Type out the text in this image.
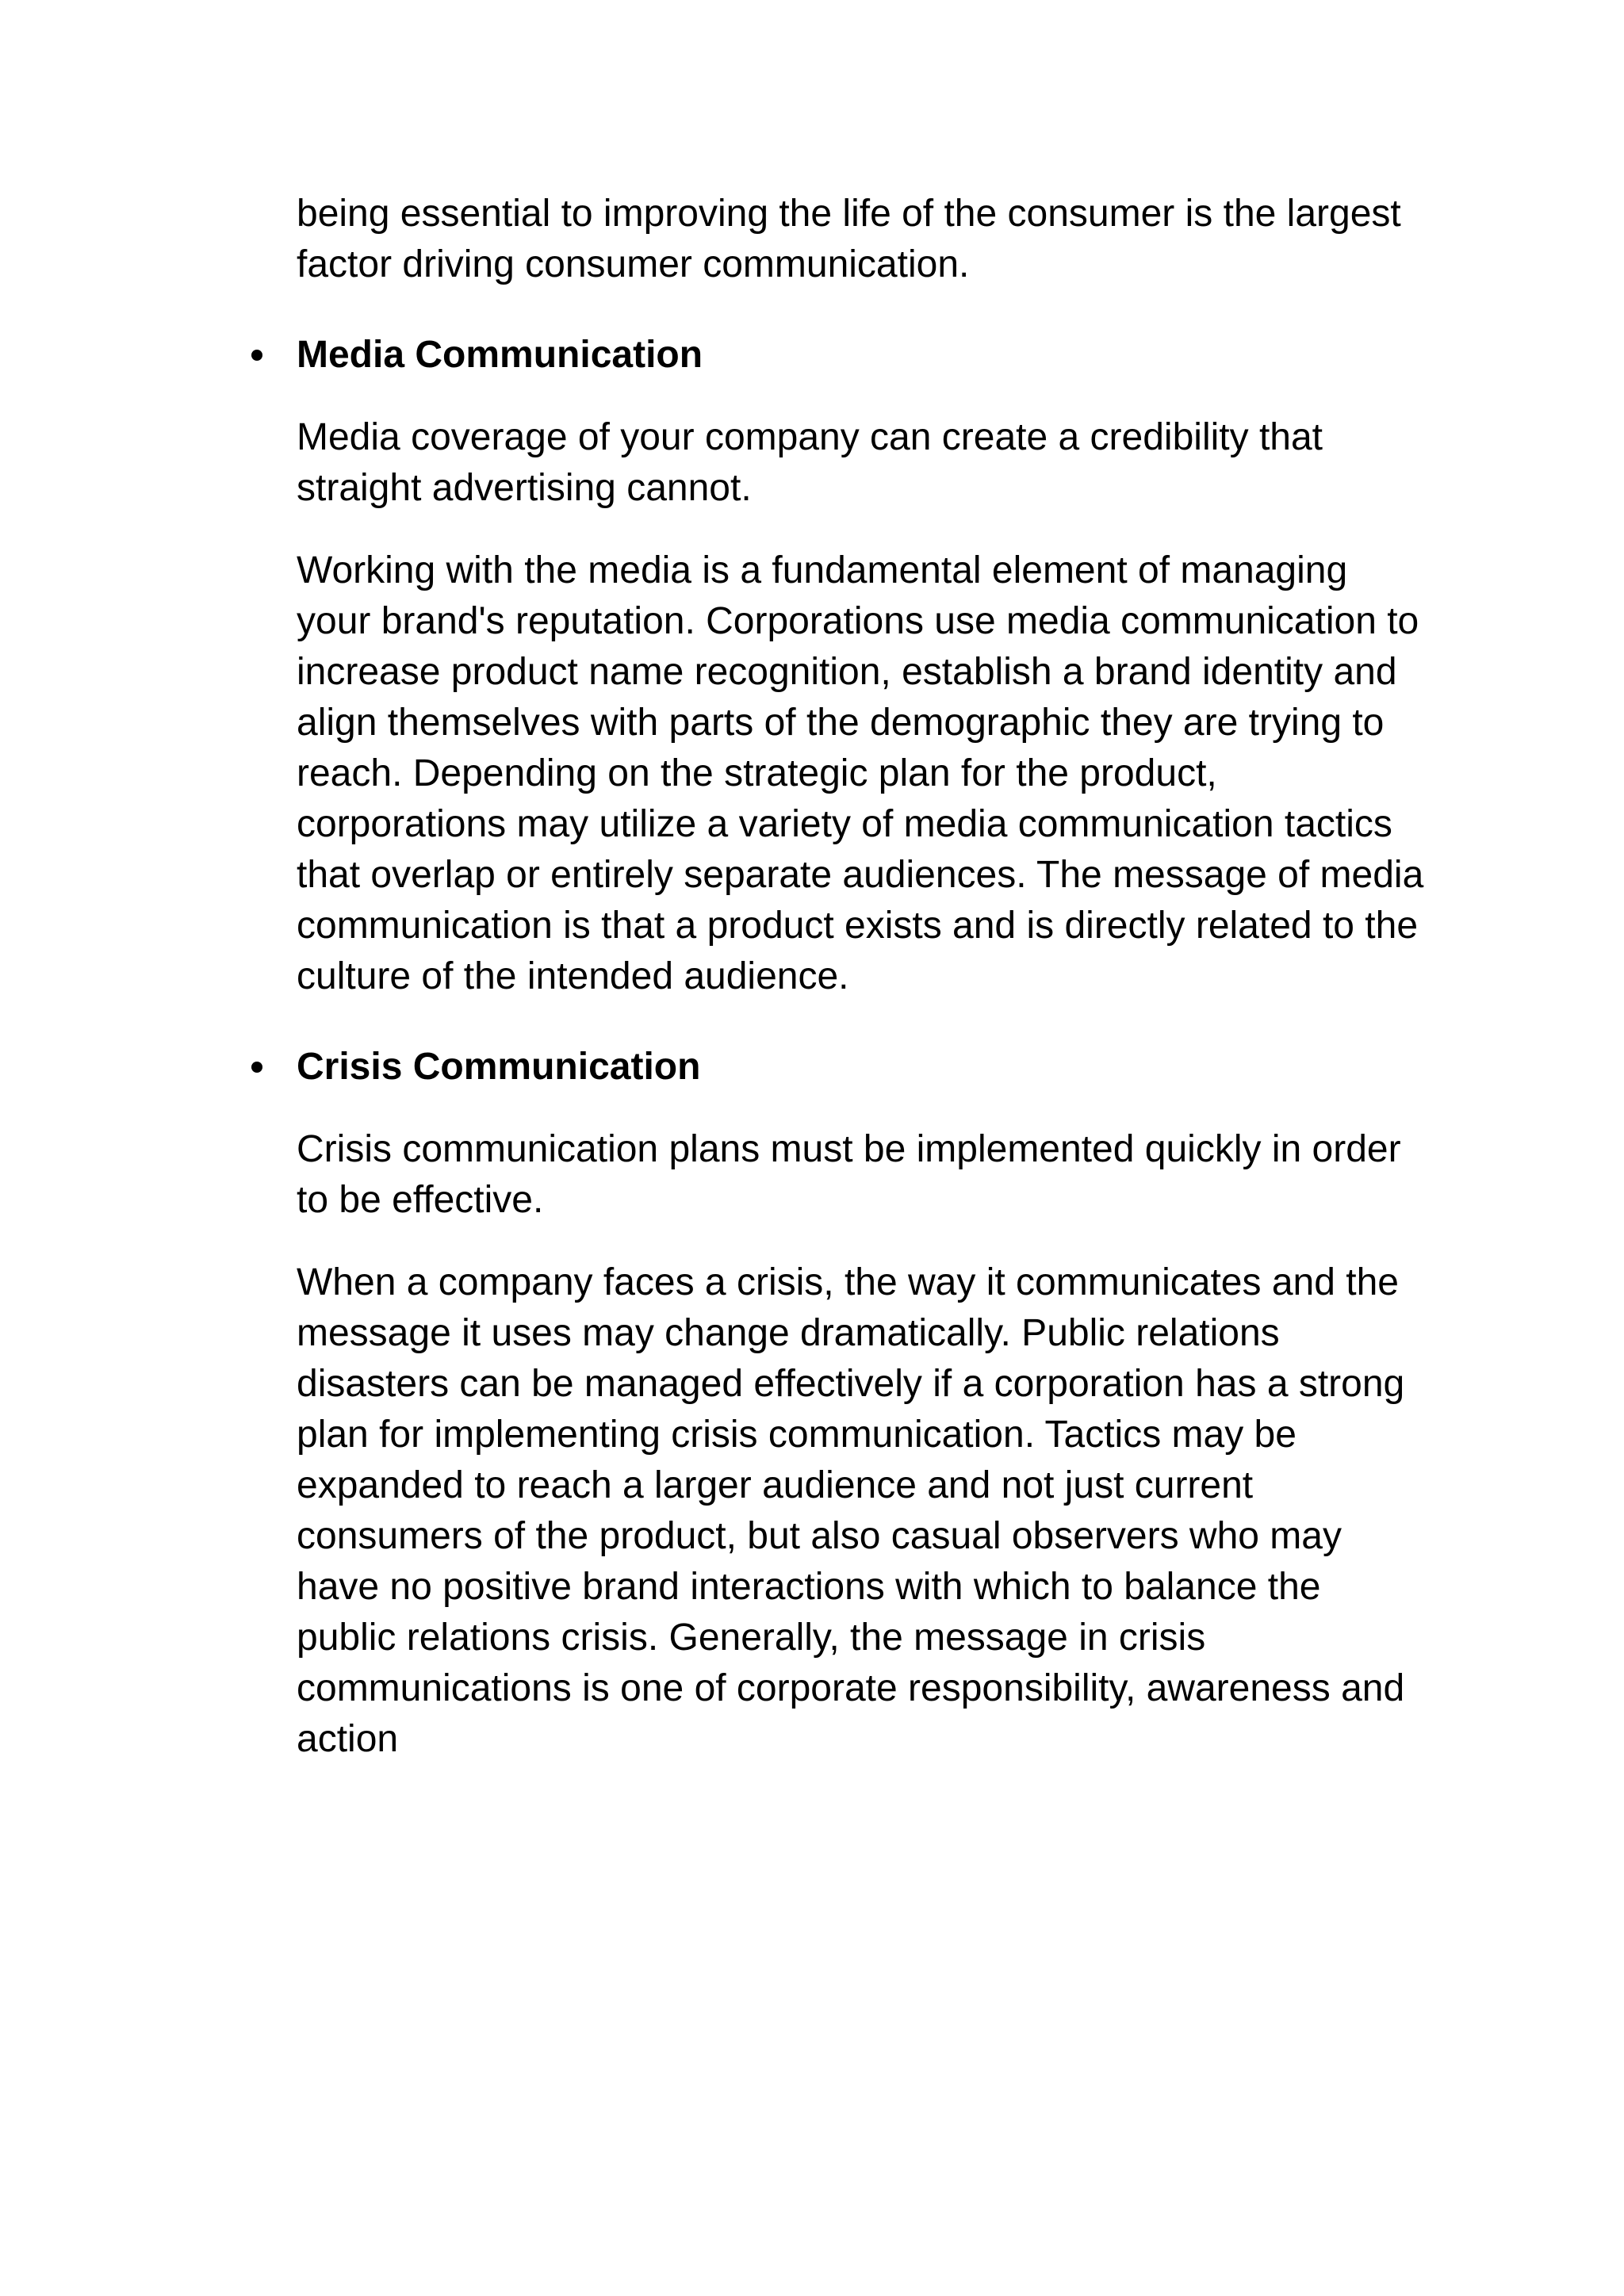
being essential to improving the life of the consumer is the largest
factor driving consumer communication.

Media Communication

Media coverage of your company can create a credibility that
straight advertising cannot.

Working with the media is a fundamental element of managing
your brand's reputation. Corporations use media communication to
increase product name recognition, establish a brand identity and
align themselves with parts of the demographic they are trying to
reach. Depending on the strategic plan for the product,
corporations may utilize a variety of media communication tactics
that overlap or entirely separate audiences. The message of media
communication is that a product exists and is directly related to the
culture of the intended audience.

Crisis Communication

Crisis communication plans must be implemented quickly in order
to be effective.

When a company faces a crisis, the way it communicates and the
message it uses may change dramatically. Public relations
disasters can be managed effectively if a corporation has a strong
plan for implementing crisis communication. Tactics may be
expanded to reach a larger audience and not just current
consumers of the product, but also casual observers who may
have no positive brand interactions with which to balance the
public relations crisis. Generally, the message in crisis
communications is one of corporate responsibility, awareness and
action
